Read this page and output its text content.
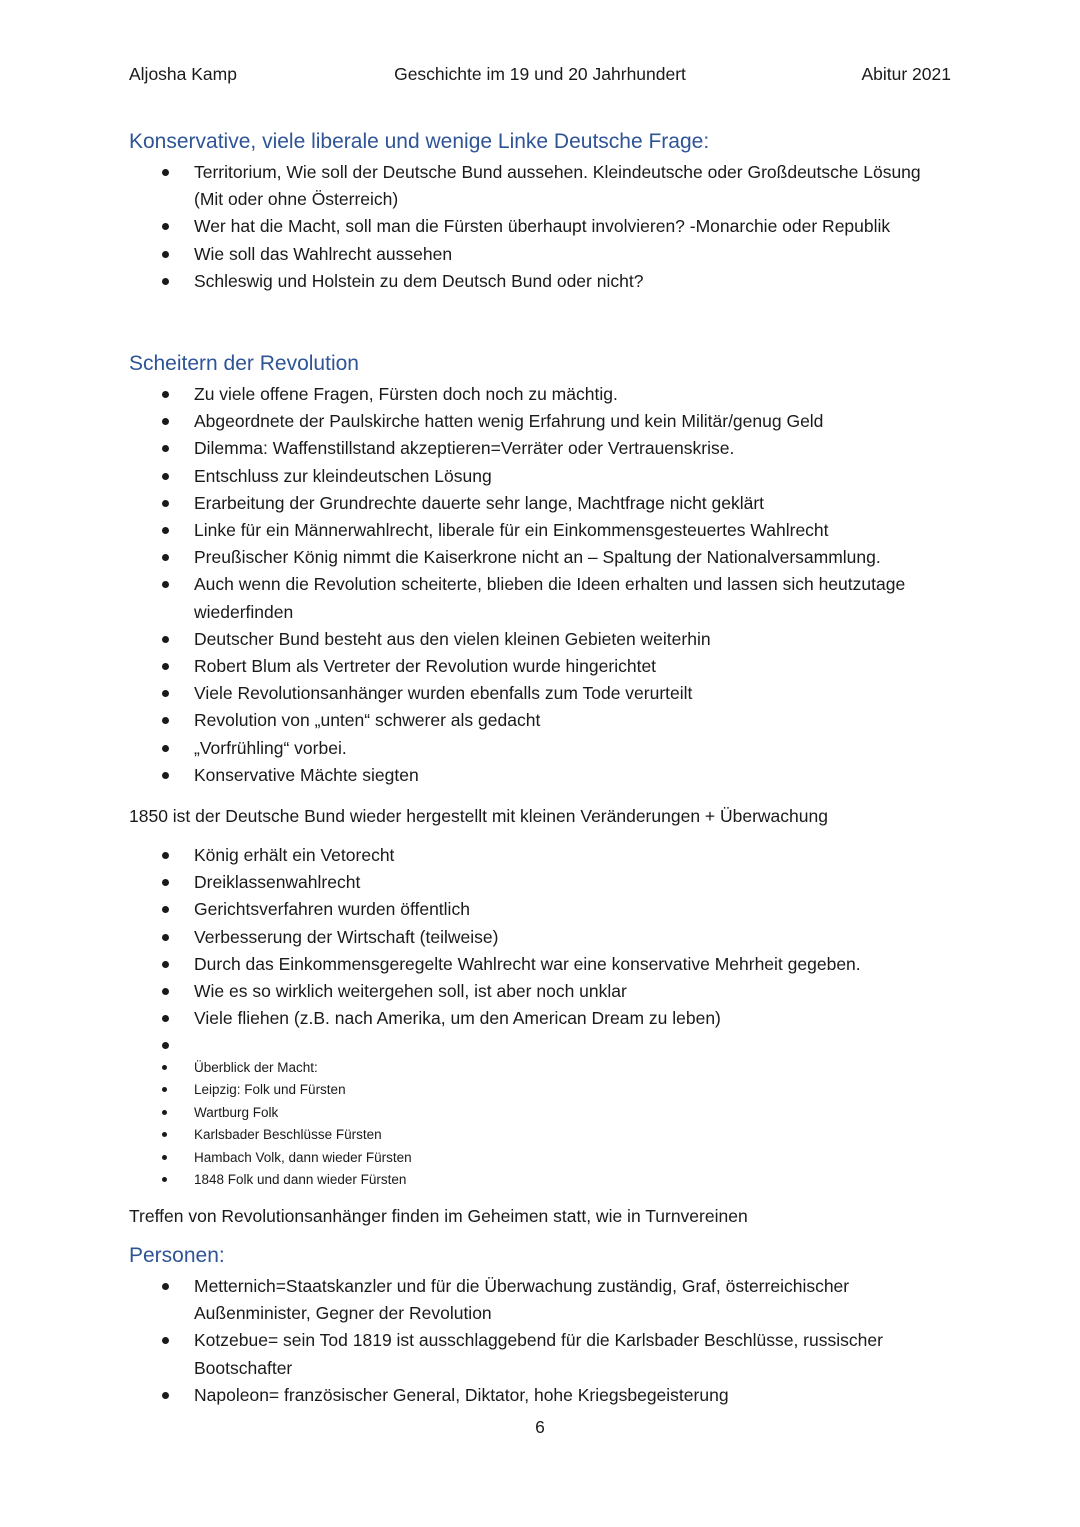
Aljosha Kamp	Geschichte im 19 und 20 Jahrhundert	Abitur 2021
Konservative, viele liberale und wenige Linke Deutsche Frage:
Territorium, Wie soll der Deutsche Bund aussehen. Kleindeutsche oder Großdeutsche Lösung (Mit oder ohne Österreich)
Wer hat die Macht, soll man die Fürsten überhaupt involvieren? -Monarchie oder Republik
Wie soll das Wahlrecht aussehen
Schleswig und Holstein zu dem Deutsch Bund oder nicht?
Scheitern der Revolution
Zu viele offene Fragen, Fürsten doch noch zu mächtig.
Abgeordnete der Paulskirche hatten wenig Erfahrung und kein Militär/genug Geld
Dilemma: Waffenstillstand akzeptieren=Verräter oder Vertrauenskrise.
Entschluss zur kleindeutschen Lösung
Erarbeitung der Grundrechte dauerte sehr lange, Machtfrage nicht geklärt
Linke für ein Männerwahlrecht, liberale für ein Einkommensgesteuertes Wahlrecht
Preußischer König nimmt die Kaiserkrone nicht an – Spaltung der Nationalversammlung.
Auch wenn die Revolution scheiterte, blieben die Ideen erhalten und lassen sich heutzutage wiederfinden
Deutscher Bund besteht aus den vielen kleinen Gebieten weiterhin
Robert Blum als Vertreter der Revolution wurde hingerichtet
Viele Revolutionsanhänger wurden ebenfalls zum Tode verurteilt
Revolution von „unten“ schwerer als gedacht
„Vorfrühling“ vorbei.
Konservative Mächte siegten
1850 ist der Deutsche Bund wieder hergestellt mit kleinen Veränderungen + Überwachung
König erhält ein Vetorecht
Dreiklassenwahlrecht
Gerichtsverfahren wurden öffentlich
Verbesserung der Wirtschaft (teilweise)
Durch das Einkommensgeregelte Wahlrecht war eine konservative Mehrheit gegeben.
Wie es so wirklich weitergehen soll, ist aber noch unklar
Viele fliehen (z.B. nach Amerika, um den American Dream zu leben)

Überblick der Macht:
Leipzig: Folk und Fürsten
Wartburg Folk
Karlsbader Beschlüsse Fürsten
Hambach Volk, dann wieder Fürsten
1848 Folk und dann wieder Fürsten
Treffen von Revolutionsanhänger finden im Geheimen statt, wie in Turnvereinen
Personen:
Metternich=Staatskanzler und für die Überwachung zuständig, Graf, österreichischer Außenminister, Gegner der Revolution
Kotzebue= sein Tod 1819 ist ausschlaggebend für die Karlsbader Beschlüsse, russischer Bootschafter
Napoleon= französischer General, Diktator, hohe Kriegsbegeisterung
6
